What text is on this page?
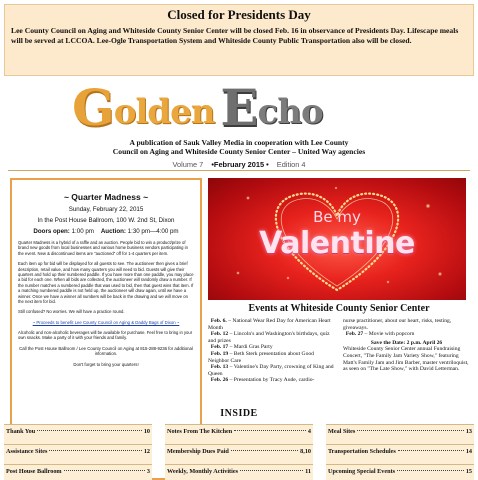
Closed for Presidents Day
Lee County Council on Aging and Whiteside County Senior Center will be closed Feb. 16 in observance of Presidents Day. Lifescape meals will be served at LCCOA. Lee-Ogle Transportation System and Whiteside County Public Transportation also will be closed.
G olden E cho
A publication of Sauk Valley Media in cooperation with Lee County
Council on Aging and Whiteside County Senior Center – United Way agencies
Volume 7 •February 2015 • Edition 4
~ Quarter Madness ~
Sunday, February 22, 2015
In the Post House Ballroom, 100 W. 2nd St, Dixon
Doors open: 1:00 pm Auction: 1:30 pm—4:00 pm
Quarter Madness is a hybrid of a raffle and an auction. People bid to win a product/prize of brand new goods from local businesses and various home business vendors participating in the event. New & discontinued items are "auctioned" off for 1-4 quarters per item.
Each item up for bid will be displayed for all guests to see. The auctioneer then gives a brief description, retail value, and how many quarters you will need to bid. Guests will give their quarters and hold up their numbered paddle. If you have more than one paddle, you may place a bid for each one. When all bids are collected, the auctioneer will randomly draw a number. If the number matches a numbered paddle that was used to bid, then that guest wins that item. If a matching numbered paddle is not held up, the auctioneer will draw again, until we have a winner. Once we have a winner all numbers will be back in the drawing and we will move on the next item for bid.
Still confused? No worries. We will have a practice round.
~ Proceeds to benefit Lee County Council on Aging & Daddy Bags of Dixon ~
Alcoholic and non-alcoholic beverages will be available for purchase. Feel free to bring in your own snacks. Make a party of it with your friends and family.
Call the Post House Ballroom / Lee County Council on Aging at 815-288-9236 for additional information.
Don't forget to bring your quarters!
Be my
Valentine
Events at Whiteside County Senior Center
Feb. 6. – National Wear Red Day for American Heart Month
Feb. 12 – Lincoln's and Washington's birthdays, quiz and prizes
Feb. 17 – Mardi Gras Party
Feb. 19 – Beth Sterk presentation about Good Neighbor Care
Feb. 13 – Valentine's Day Party, crowning of King and Queen
Feb. 26 – Presentation by Tracy Aude, cardio-
nurse practitioner, about our heart, risks, testing, giveaways.
Feb. 27 – Movie with popcorn
Save the Date: 2 p.m. April 26
Whiteside County Senior Center annual Fundraising Concert, "The Family Jam Variety Show," featuring Matt's Family Jam and Jim Barber, master ventriloquist, as seen on "The Late Show," with David Letterman.
INSIDE
Thank You	10
Assistance Sites	12
Post House Ballroom	3
Notes From The Kitchen	4
Membership Dues Paid	8,10
Weekly, Monthly Activities	11
Meal Sites	13
Transportation Schedules	14
Upcoming Special Events	15
